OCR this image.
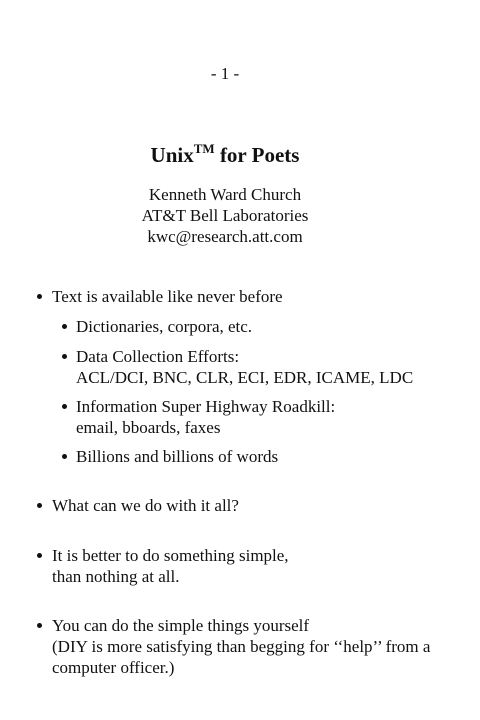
- 1 -
Unix™ for Poets
Kenneth Ward Church
AT&T Bell Laboratories
kwc@research.att.com
Text is available like never before
Dictionaries, corpora, etc.
Data Collection Efforts:
ACL/DCI, BNC, CLR, ECI, EDR, ICAME, LDC
Information Super Highway Roadkill:
email, bboards, faxes
Billions and billions of words
What can we do with it all?
It is better to do something simple,
than nothing at all.
You can do the simple things yourself
(DIY is more satisfying than begging for ‘‘help’’ from a
computer officer.)
